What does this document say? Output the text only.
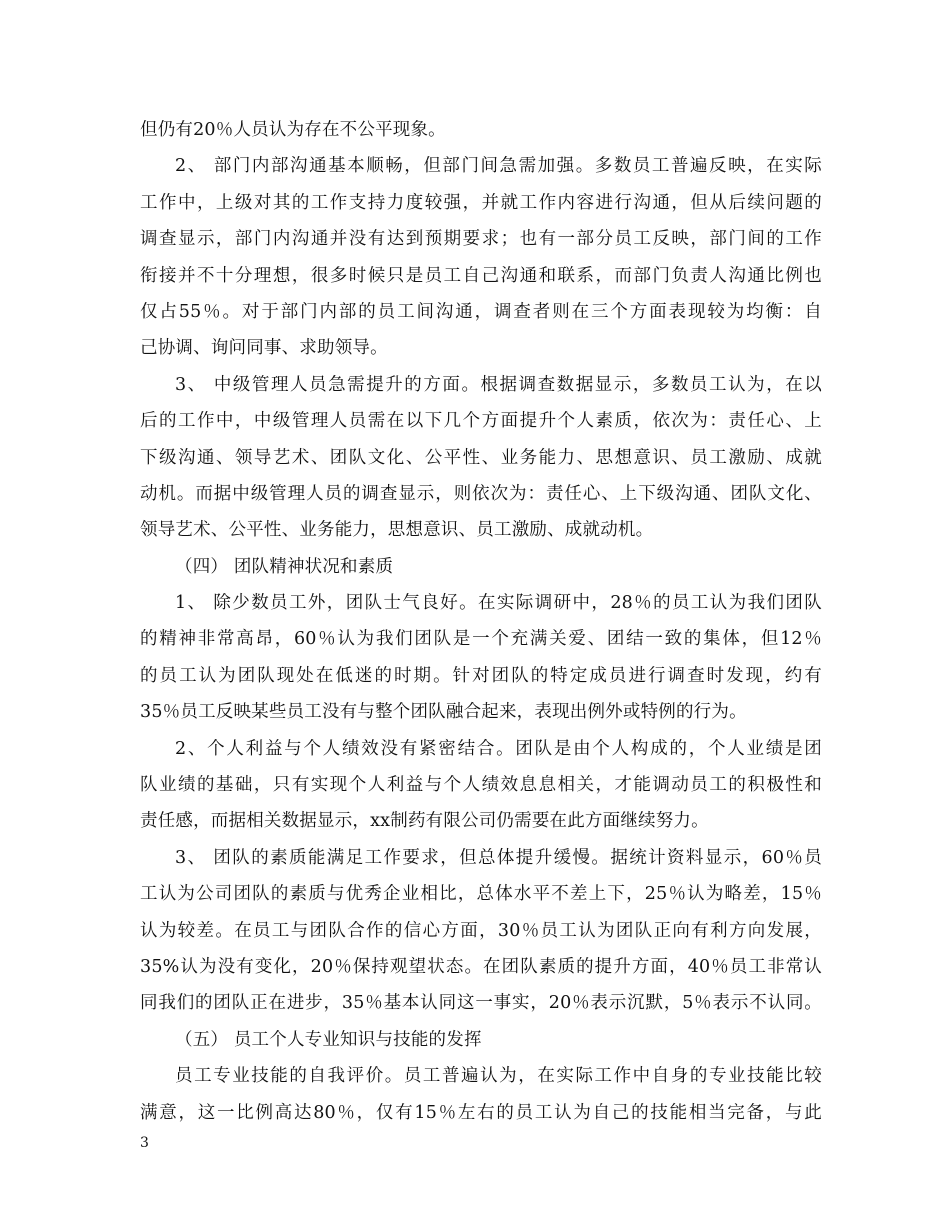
但仍有20％人员认为存在不公平现象。
2、 部门内部沟通基本顺畅，但部门间急需加强。多数员工普遍反映，在实际
工作中，上级对其的工作支持力度较强，并就工作内容进行沟通，但从后续问题的
调查显示，部门内沟通并没有达到预期要求；也有一部分员工反映，部门间的工作
衔接并不十分理想，很多时候只是员工自己沟通和联系，而部门负责人沟通比例也
仅占55％。对于部门内部的员工间沟通，调查者则在三个方面表现较为均衡：自
己协调、询问同事、求助领导。
3、 中级管理人员急需提升的方面。根据调查数据显示，多数员工认为，在以
后的工作中，中级管理人员需在以下几个方面提升个人素质，依次为：责任心、上
下级沟通、领导艺术、团队文化、公平性、业务能力、思想意识、员工激励、成就
动机。而据中级管理人员的调查显示，则依次为：责任心、上下级沟通、团队文化、
领导艺术、公平性、业务能力，思想意识、员工激励、成就动机。
（四） 团队精神状况和素质
1、 除少数员工外，团队士气良好。在实际调研中，28％的员工认为我们团队
的精神非常高昂，60％认为我们团队是一个充满关爱、团结一致的集体，但12％
的员工认为团队现处在低迷的时期。针对团队的特定成员进行调查时发现，约有
35％员工反映某些员工没有与整个团队融合起来，表现出例外或特例的行为。
2、个人利益与个人绩效没有紧密结合。团队是由个人构成的，个人业绩是团
队业绩的基础，只有实现个人利益与个人绩效息息相关，才能调动员工的积极性和
责任感，而据相关数据显示，xx制药有限公司仍需要在此方面继续努力。
3、 团队的素质能满足工作要求，但总体提升缓慢。据统计资料显示，60％员
工认为公司团队的素质与优秀企业相比，总体水平不差上下，25％认为略差，15％
认为较差。在员工与团队合作的信心方面，30％员工认为团队正向有利方向发展，
35%认为没有变化，20％保持观望状态。在团队素质的提升方面，40％员工非常认
同我们的团队正在进步，35％基本认同这一事实，20％表示沉默，5％表示不认同。
（五） 员工个人专业知识与技能的发挥
员工专业技能的自我评价。员工普遍认为，在实际工作中自身的专业技能比较
满意，这一比例高达80％，仅有15％左右的员工认为自己的技能相当完备，与此
3
